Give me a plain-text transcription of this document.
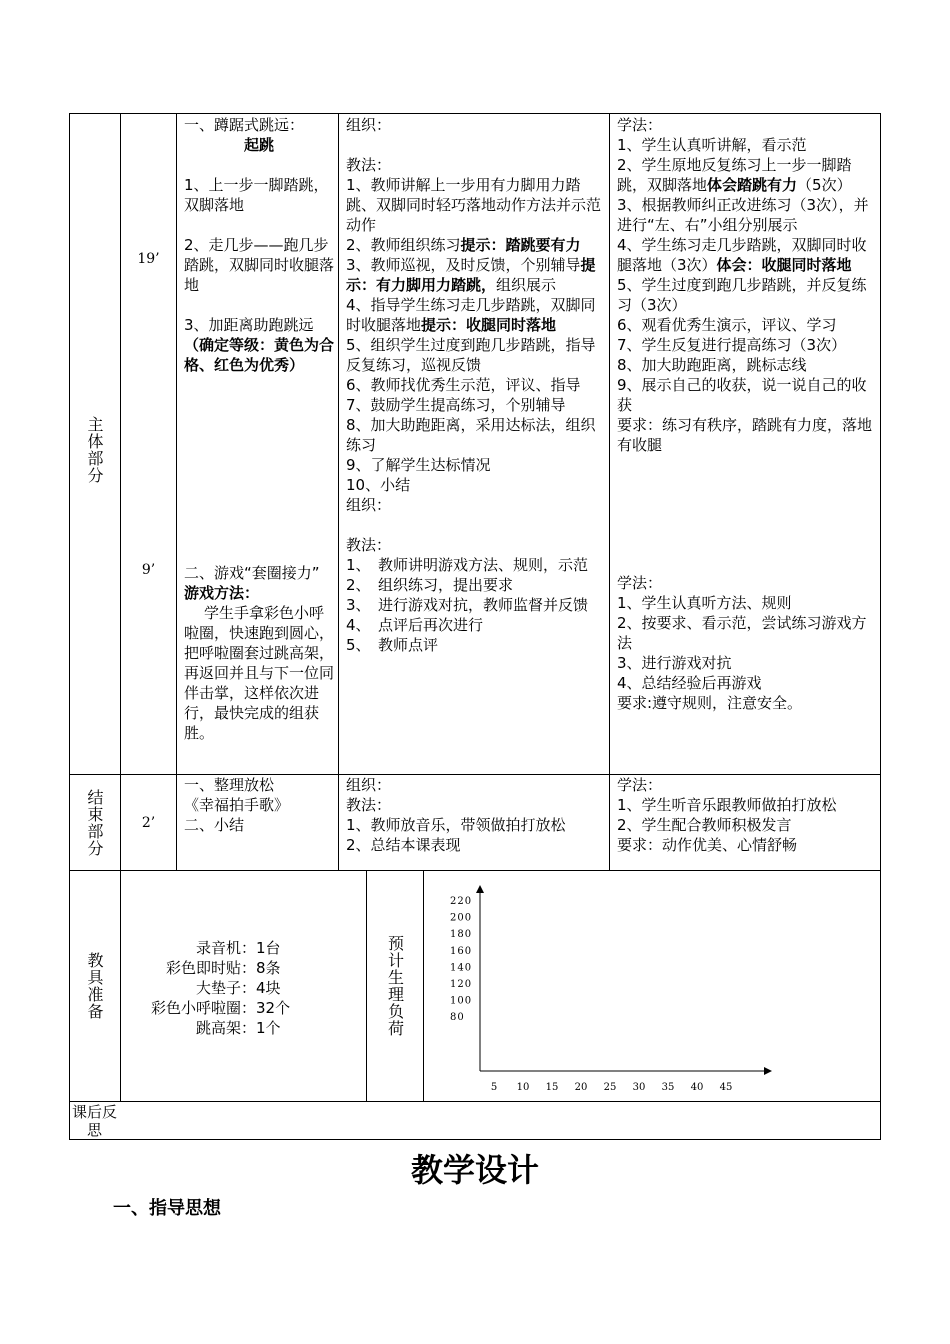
主体部分
19’
9’
一、蹲踞式跳远：
起跳
1、上一步一脚踏跳，　双脚落地
2、走几步——跑几步踏跳，双脚同时收腿落地
3、加距离助跑跳远
（确定等级：黄色为合格、红色为优秀）
二、游戏“套圈接力”
游戏方法：
学生手拿彩色小呼啦圈，快速跑到圆心，把呼啦圈套过跳高架，再返回并且与下一位同伴击掌，这样依次进行，最快完成的组获胜。
组织：
教法：
1、教师讲解上一步用有力脚用力踏跳、双脚同时轻巧落地动作方法并示范动作
2、教师组织练习提示：踏跳要有力
3、教师巡视，及时反馈，个别辅导提示：有力脚用力踏跳，组织展示
4、指导学生练习走几步踏跳，双脚同时收腿落地提示：收腿同时落地
5、组织学生过度到跑几步踏跳，指导反复练习，巡视反馈
6、教师找优秀生示范，评议、指导
7、鼓励学生提高练习，个别辅导
8、加大助跑距离，采用达标法，组织练习
9、了解学生达标情况
10、小结
组织：
教法：
1、　教师讲明游戏方法、规则，示范
2、　组织练习，提出要求
3、　进行游戏对抗，教师监督并反馈
4、　点评后再次进行
5、　教师点评
学法：
1、学生认真听讲解，看示范
2、学生原地反复练习上一步一脚踏跳，双脚落地体会踏跳有力（5次）
3、根据教师纠正改进练习（3次），并进行“左、右”小组分别展示
4、学生练习走几步踏跳，双脚同时收腿落地（3次）体会：收腿同时落地
5、学生过度到跑几步踏跳，并反复练习（3次）
6、观看优秀生演示，评议、学习
7、学生反复进行提高练习（3次）
8、加大助跑距离，跳标志线
9、展示自己的收获，说一说自己的收获
要求：练习有秩序，踏跳有力度，落地有收腿
学法：
1、学生认真听方法、规则
2、按要求、看示范，尝试练习游戏方法
3、进行游戏对抗
4、总结经验后再游戏
要求:遵守规则，注意安全。
结束部分	2’
一、整理放松
《幸福拍手歌》
二、小结
组织：
教法：
1、教师放音乐，带领做拍打放松
2、总结本课表现
学法：
1、学生听音乐跟教师做拍打放松
2、学生配合教师积极发言
要求：动作优美、心情舒畅
教具准备
录音机： 1台
彩色即时贴： 8条
大垫子： 4块
彩色小呼啦圈： 32个
跳高架： 1个	预计生理负荷
220
200
180
160
140
120
100
80
5 10 15 20 25 30 35 40 45
课后反思
教学设计
一、指导思想
